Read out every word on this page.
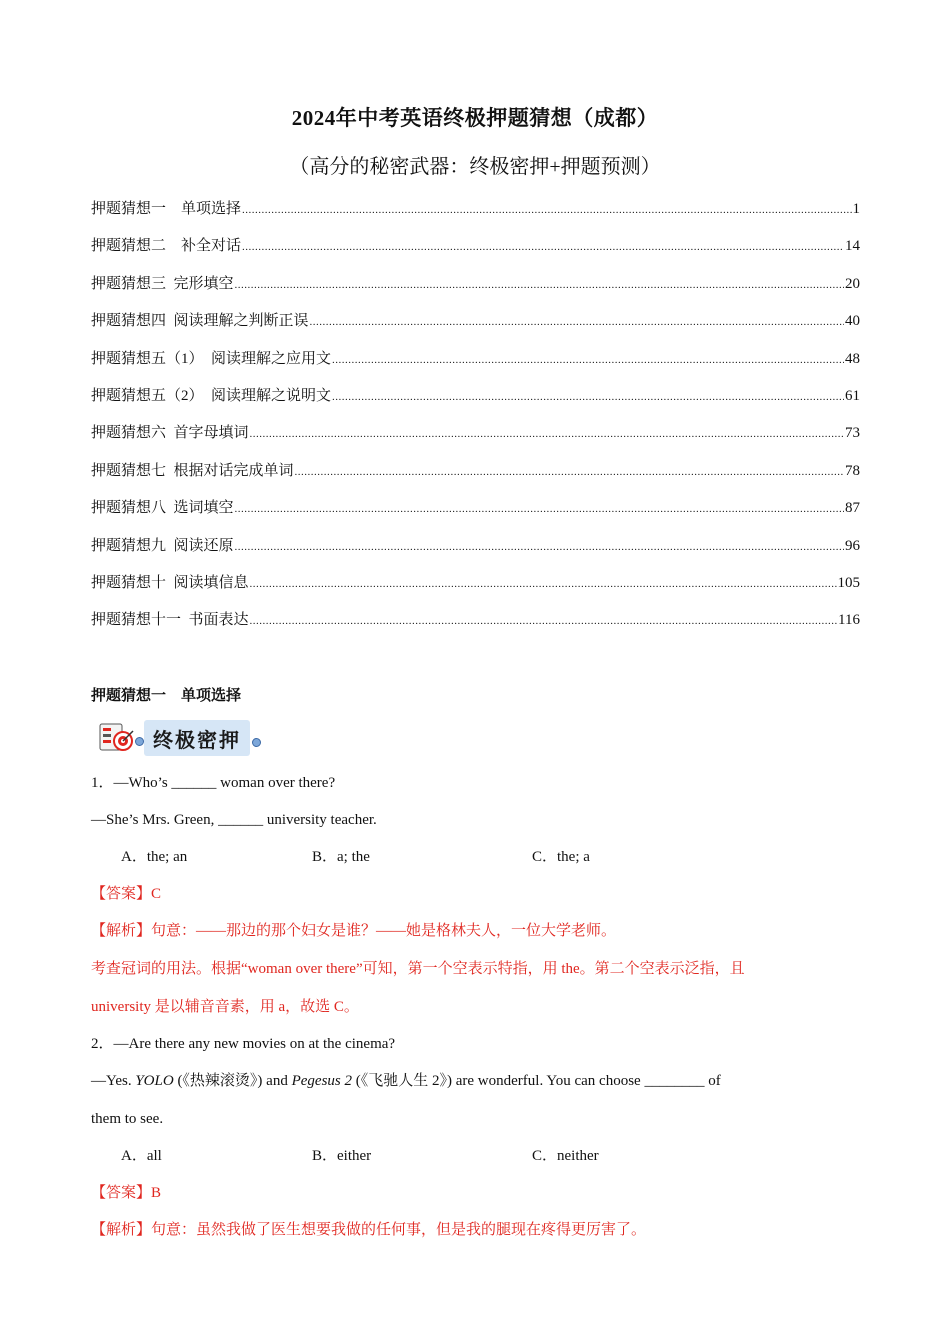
2024年中考英语终极押题猜想（成都）
（高分的秘密武器：终极密押+押题预测）
押题猜想一    单项选择 .....	1
押题猜想二    补全对话 .....	14
押题猜想三  完形填空 .....	20
押题猜想四  阅读理解之判断正误 .....	40
押题猜想五（1）  阅读理解之应用文 .....	48
押题猜想五（2）  阅读理解之说明文 .....	61
押题猜想六  首字母填词 .....	73
押题猜想七  根据对话完成单词 .....	78
押题猜想八  选词填空 .....	87
押题猜想九  阅读还原 .....	96
押题猜想十  阅读填信息 .....	105
押题猜想十一  书面表达 .....	116
押题猜想一    单项选择
终极密押
1．—Who’s ______ woman over there?
—She’s Mrs. Green, ______ university teacher.
A．the; an	B．a; the	C．the; a
【答案】C
【解析】句意：——那边的那个妇女是谁？——她是格林夫人，一位大学老师。
考查冠词的用法。根据“woman over there”可知，第一个空表示特指，用 the。第二个空表示泛指，且
university 是以辅音音素，用 a，故选 C。
2．—Are there any new movies on at the cinema?
—Yes. YOLO (《热辣滚烫》) and Pegesus 2 (《飞驰人生 2》) are wonderful. You can choose ________ of
them to see.
A．all	B．either	C．neither
【答案】B
【解析】句意：虽然我做了医生想要我做的任何事，但是我的腿现在疼得更厉害了。
